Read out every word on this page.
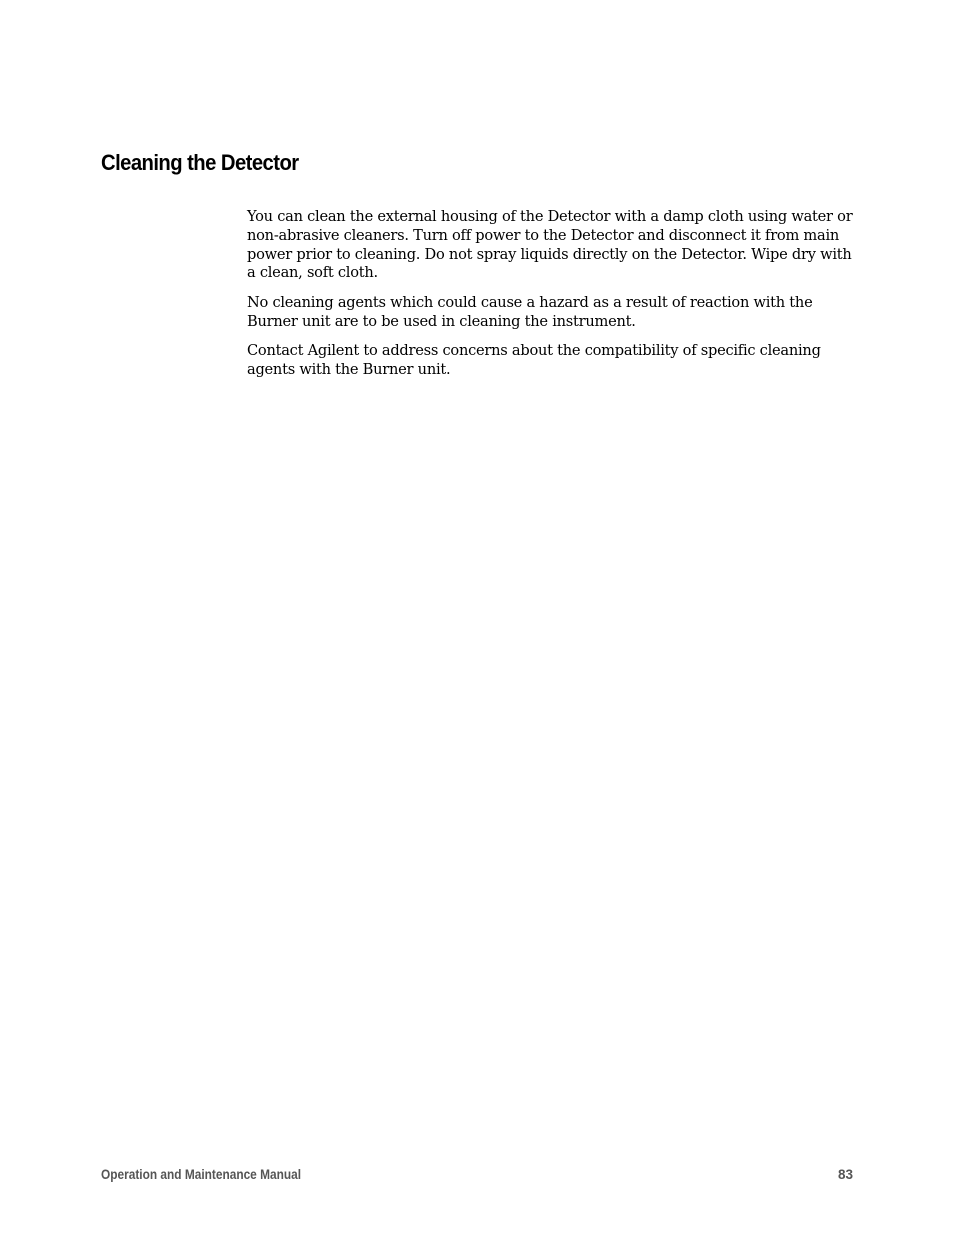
Cleaning the Detector

You can clean the external housing of the Detector with a damp cloth using water or non-abrasive cleaners. Turn off power to the Detector and disconnect it from main power prior to cleaning. Do not spray liquids directly on the Detector. Wipe dry with a clean, soft cloth.

No cleaning agents which could cause a hazard as a result of reaction with the Burner unit are to be used in cleaning the instrument.

Contact Agilent to address concerns about the compatibility of specific cleaning agents with the Burner unit.

Operation and Maintenance Manual	83
